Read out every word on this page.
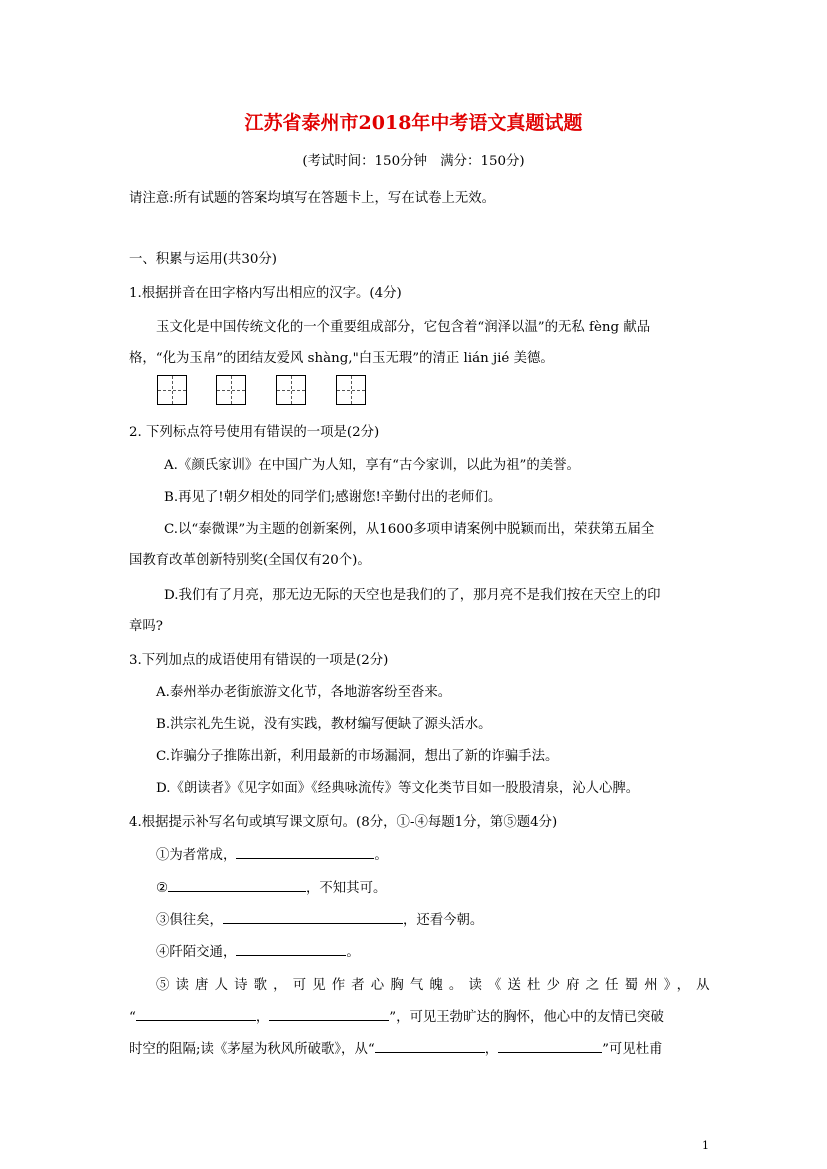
江苏省泰州市2018年中考语文真题试题
(考试时间：150分钟　满分：150分)
请注意:所有试题的答案均填写在答题卡上，写在试卷上无效。
一、积累与运用(共30分)
1.根据拼音在田字格内写出相应的汉字。(4分)
玉文化是中国传统文化的一个重要组成部分，它包含着“润泽以温”的无私 fèng 献品
格，“化为玉帛”的团结友爱风 shàng,"白玉无瑕”的清正 lián jié 美德。
2. 下列标点符号使用有错误的一项是(2分)
A.《颜氏家训》在中国广为人知，享有“古今家训，以此为祖”的美誉。
B.再见了!朝夕相处的同学们;感谢您!辛勤付出的老师们。
C.以“泰微课”为主题的创新案例，从1600多项申请案例中脱颖而出，荣获第五届全
国教育改革创新特别奖(全国仅有20个)。
D.我们有了月亮，那无边无际的天空也是我们的了，那月亮不是我们按在天空上的印
章吗?
3.下列加点的成语使用有错误的一项是(2分)
A.泰州举办老街旅游文化节，各地游客纷至沓来。
B.洪宗礼先生说，没有实践，教材编写便缺了源头活水。
C.诈骗分子推陈出新，利用最新的市场漏洞，想出了新的诈骗手法。
D.《朗读者》《见字如面》《经典咏流传》等文化类节目如一股股清泉，沁人心脾。
4.根据提示补写名句或填写课文原句。(8分，①-④每题1分，第⑤题4分)
①为者常成，	。
②	，不知其可。
③俱往矣，	，还看今朝。
④阡陌交通，	。
⑤读唐人诗歌，可见作者心胸气魄。读《送杜少府之任蜀州》，从
“	，	”，可见王勃旷达的胸怀，他心中的友情已突破
时空的阻隔;读《茅屋为秋风所破歌》，从“	，	”可见杜甫
1
